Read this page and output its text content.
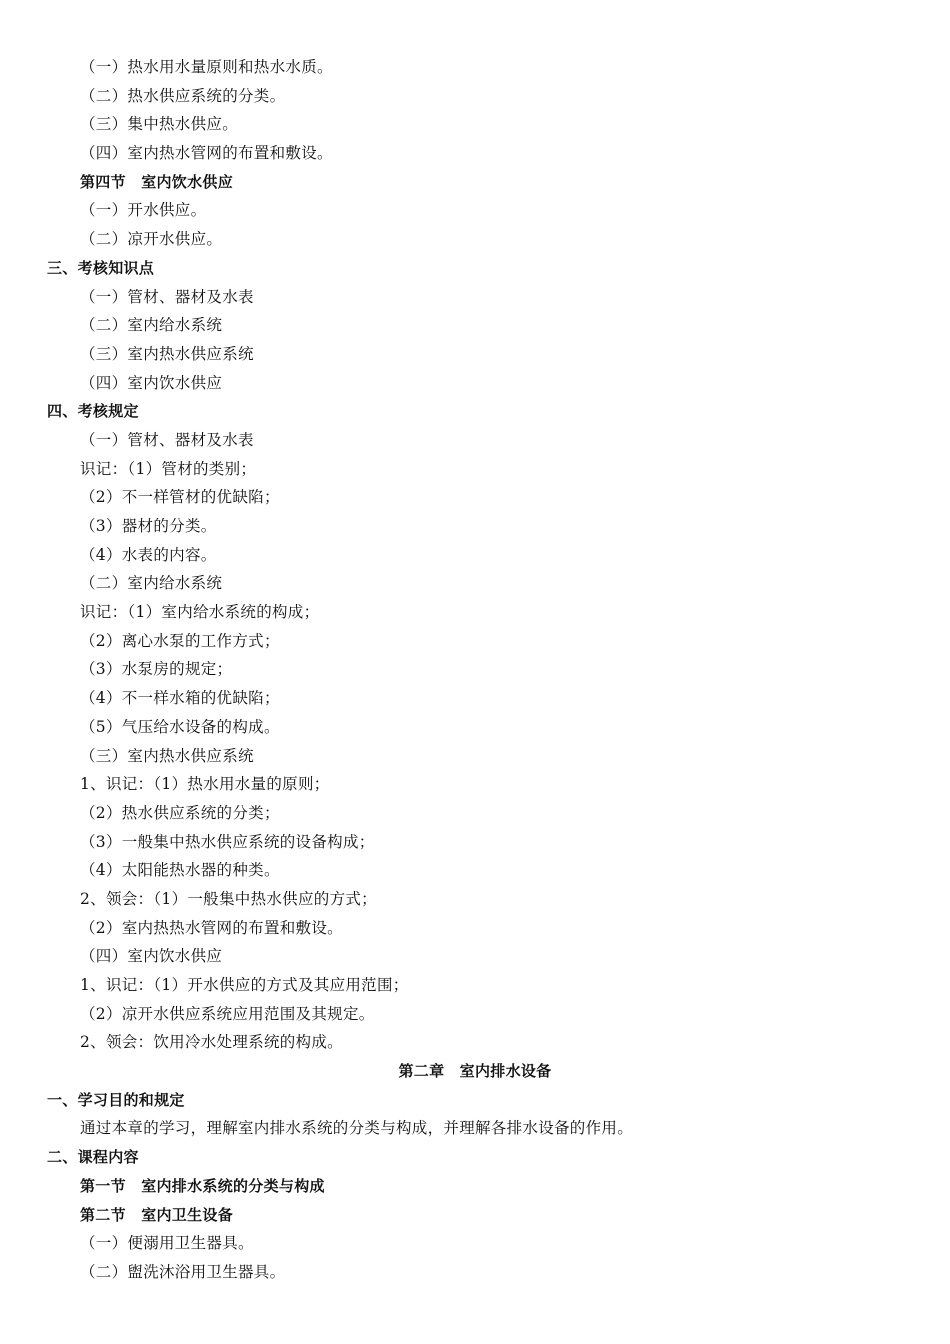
（一）热水用水量原则和热水水质。
（二）热水供应系统的分类。
（三）集中热水供应。
（四）室内热水管网的布置和敷设。
第四节　室内饮水供应
（一）开水供应。
（二）凉开水供应。
三、考核知识点
（一）管材、器材及水表
（二）室内给水系统
（三）室内热水供应系统
（四）室内饮水供应
四、考核规定
（一）管材、器材及水表
识记：（1）管材的类别；
（2）不一样管材的优缺陷；
（3）器材的分类。
（4）水表的内容。
（二）室内给水系统
识记：（1）室内给水系统的构成；
（2）离心水泵的工作方式；
（3）水泵房的规定；
（4）不一样水箱的优缺陷；
（5）气压给水设备的构成。
（三）室内热水供应系统
1、识记：（1）热水用水量的原则；
（2）热水供应系统的分类；
（3）一般集中热水供应系统的设备构成；
（4）太阳能热水器的种类。
2、领会：（1）一般集中热水供应的方式；
（2）室内热热水管网的布置和敷设。
（四）室内饮水供应
1、识记：（1）开水供应的方式及其应用范围；
（2）凉开水供应系统应用范围及其规定。
2、领会：饮用冷水处理系统的构成。
第二章　室内排水设备
一、学习目的和规定
通过本章的学习，理解室内排水系统的分类与构成，并理解各排水设备的作用。
二、课程内容
第一节　室内排水系统的分类与构成
第二节　室内卫生设备
（一）便溺用卫生器具。
（二）盥洗沐浴用卫生器具。
